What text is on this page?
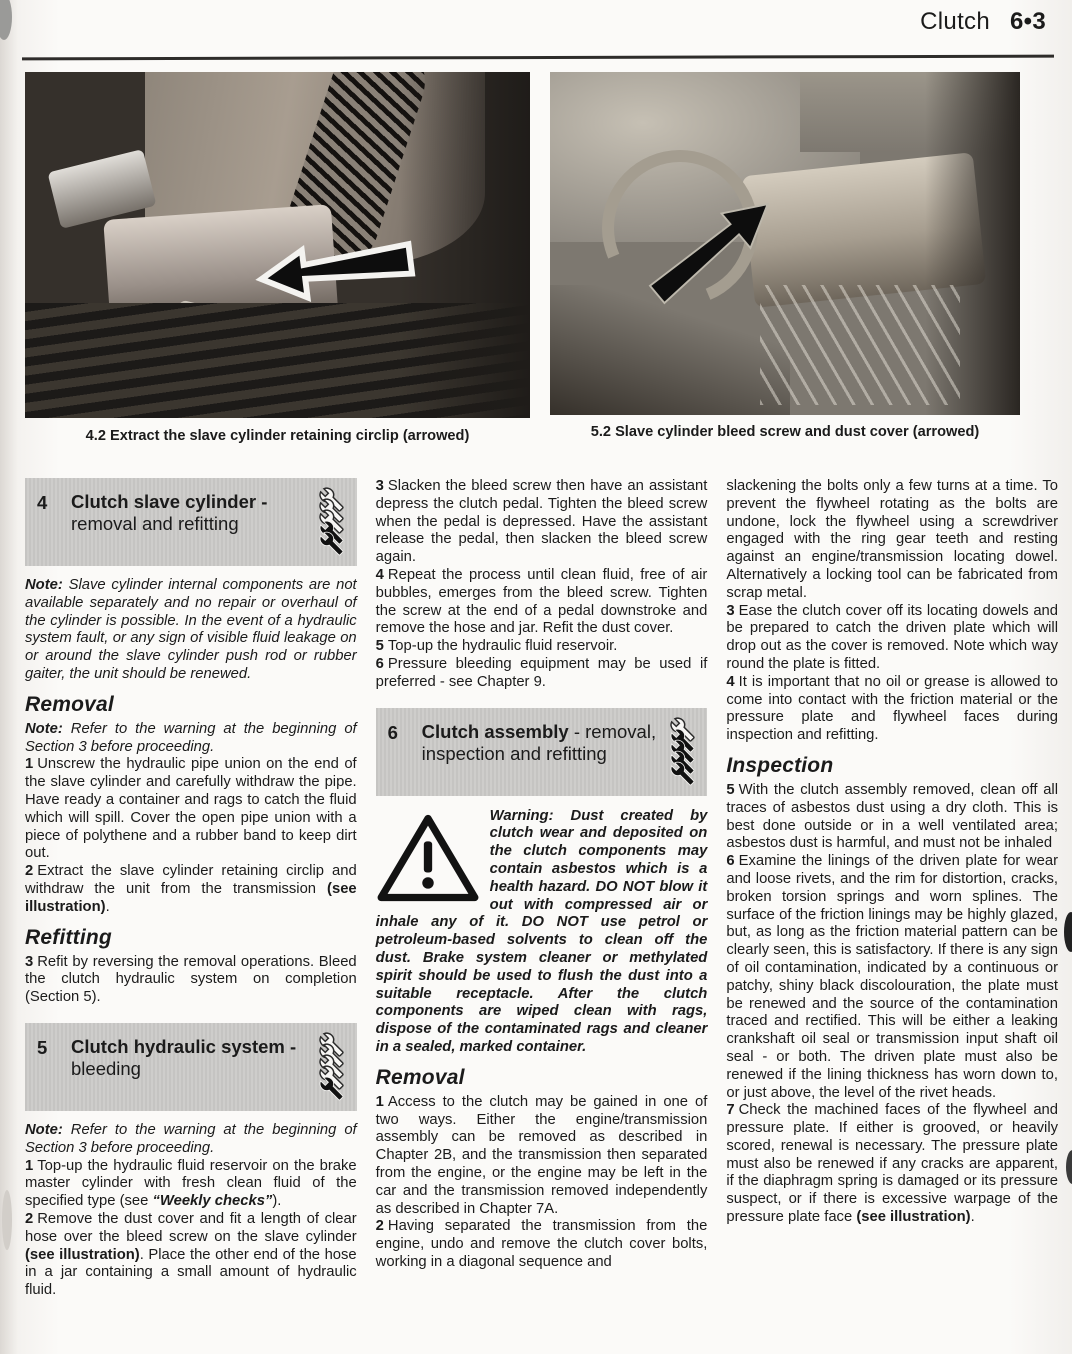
Clutch 6•3
4.2 Extract the slave cylinder retaining circlip (arrowed)	5.2 Slave cylinder bleed screw and dust cover (arrowed)
4	Clutch slave cylinder -
removal and refitting

Note: Slave cylinder internal components are not available separately and no repair or overhaul of the cylinder is possible. In the event of a hydraulic system fault, or any sign of visible fluid leakage on or around the slave cylinder push rod or rubber gaiter, the unit should be renewed.

Removal

Note: Refer to the warning at the beginning of Section 3 before proceeding.

1 Unscrew the hydraulic pipe union on the end of the slave cylinder and carefully withdraw the pipe. Have ready a container and rags to catch the fluid which will spill. Cover the open pipe union with a piece of polythene and a rubber band to keep dirt out.

2 Extract the slave cylinder retaining circlip and withdraw the unit from the transmission (see illustration).

Refitting

3 Refit by reversing the removal operations. Bleed the clutch hydraulic system on completion (Section 5).

5	Clutch hydraulic system -
bleeding

Note: Refer to the warning at the beginning of Section 3 before proceeding.

1 Top-up the hydraulic fluid reservoir on the brake master cylinder with fresh clean fluid of the specified type (see “Weekly checks”).

2 Remove the dust cover and fit a length of clear hose over the bleed screw on the slave cylinder (see illustration). Place the other end of the hose in a jar containing a small amount of hydraulic fluid.

3 Slacken the bleed screw then have an assistant depress the clutch pedal. Tighten the bleed screw when the pedal is depressed. Have the assistant release the pedal, then slacken the bleed screw again.

4 Repeat the process until clean fluid, free of air bubbles, emerges from the bleed screw. Tighten the screw at the end of a pedal downstroke and remove the hose and jar. Refit the dust cover.

5 Top-up the hydraulic fluid reservoir.

6 Pressure bleeding equipment may be used if preferred - see Chapter 9.

6	Clutch assembly - removal,
inspection and refitting

Warning: Dust created by clutch wear and deposited on the clutch components may contain asbestos which is a health hazard. DO NOT blow it out with compressed air or inhale any of it. DO NOT use petrol or petroleum-based solvents to clean off the dust. Brake system cleaner or methylated spirit should be used to flush the dust into a suitable receptacle. After the clutch components are wiped clean with rags, dispose of the contaminated rags and cleaner in a sealed, marked container.

Removal

1 Access to the clutch may be gained in one of two ways. Either the engine/transmission assembly can be removed as described in Chapter 2B, and the transmission then separated from the engine, or the engine may be left in the car and the transmission removed independently as described in Chapter 7A.

2 Having separated the transmission from the engine, undo and remove the clutch cover bolts, working in a diagonal sequence and

slackening the bolts only a few turns at a time. To prevent the flywheel rotating as the bolts are undone, lock the flywheel using a screwdriver engaged with the ring gear teeth and resting against an engine/transmission locating dowel. Alternatively a locking tool can be fabricated from scrap metal.

3 Ease the clutch cover off its locating dowels and be prepared to catch the driven plate which will drop out as the cover is removed. Note which way round the plate is fitted.

4 It is important that no oil or grease is allowed to come into contact with the friction material or the pressure plate and flywheel faces during inspection and refitting.

Inspection

5 With the clutch assembly removed, clean off all traces of asbestos dust using a dry cloth. This is best done outside or in a well ventilated area; asbestos dust is harmful, and must not be inhaled

6 Examine the linings of the driven plate for wear and loose rivets, and the rim for distortion, cracks, broken torsion springs and worn splines. The surface of the friction linings may be highly glazed, but, as long as the friction material pattern can be clearly seen, this is satisfactory. If there is any sign of oil contamination, indicated by a continuous or patchy, shiny black discolouration, the plate must be renewed and the source of the contamination traced and rectified. This will be either a leaking crankshaft oil seal or transmission input shaft oil seal - or both. The driven plate must also be renewed if the lining thickness has worn down to, or just above, the level of the rivet heads.

7 Check the machined faces of the flywheel and pressure plate. If either is grooved, or heavily scored, renewal is necessary. The pressure plate must also be renewed if any cracks are apparent, if the diaphragm spring is damaged or its pressure suspect, or if there is excessive warpage of the pressure plate face (see illustration).
